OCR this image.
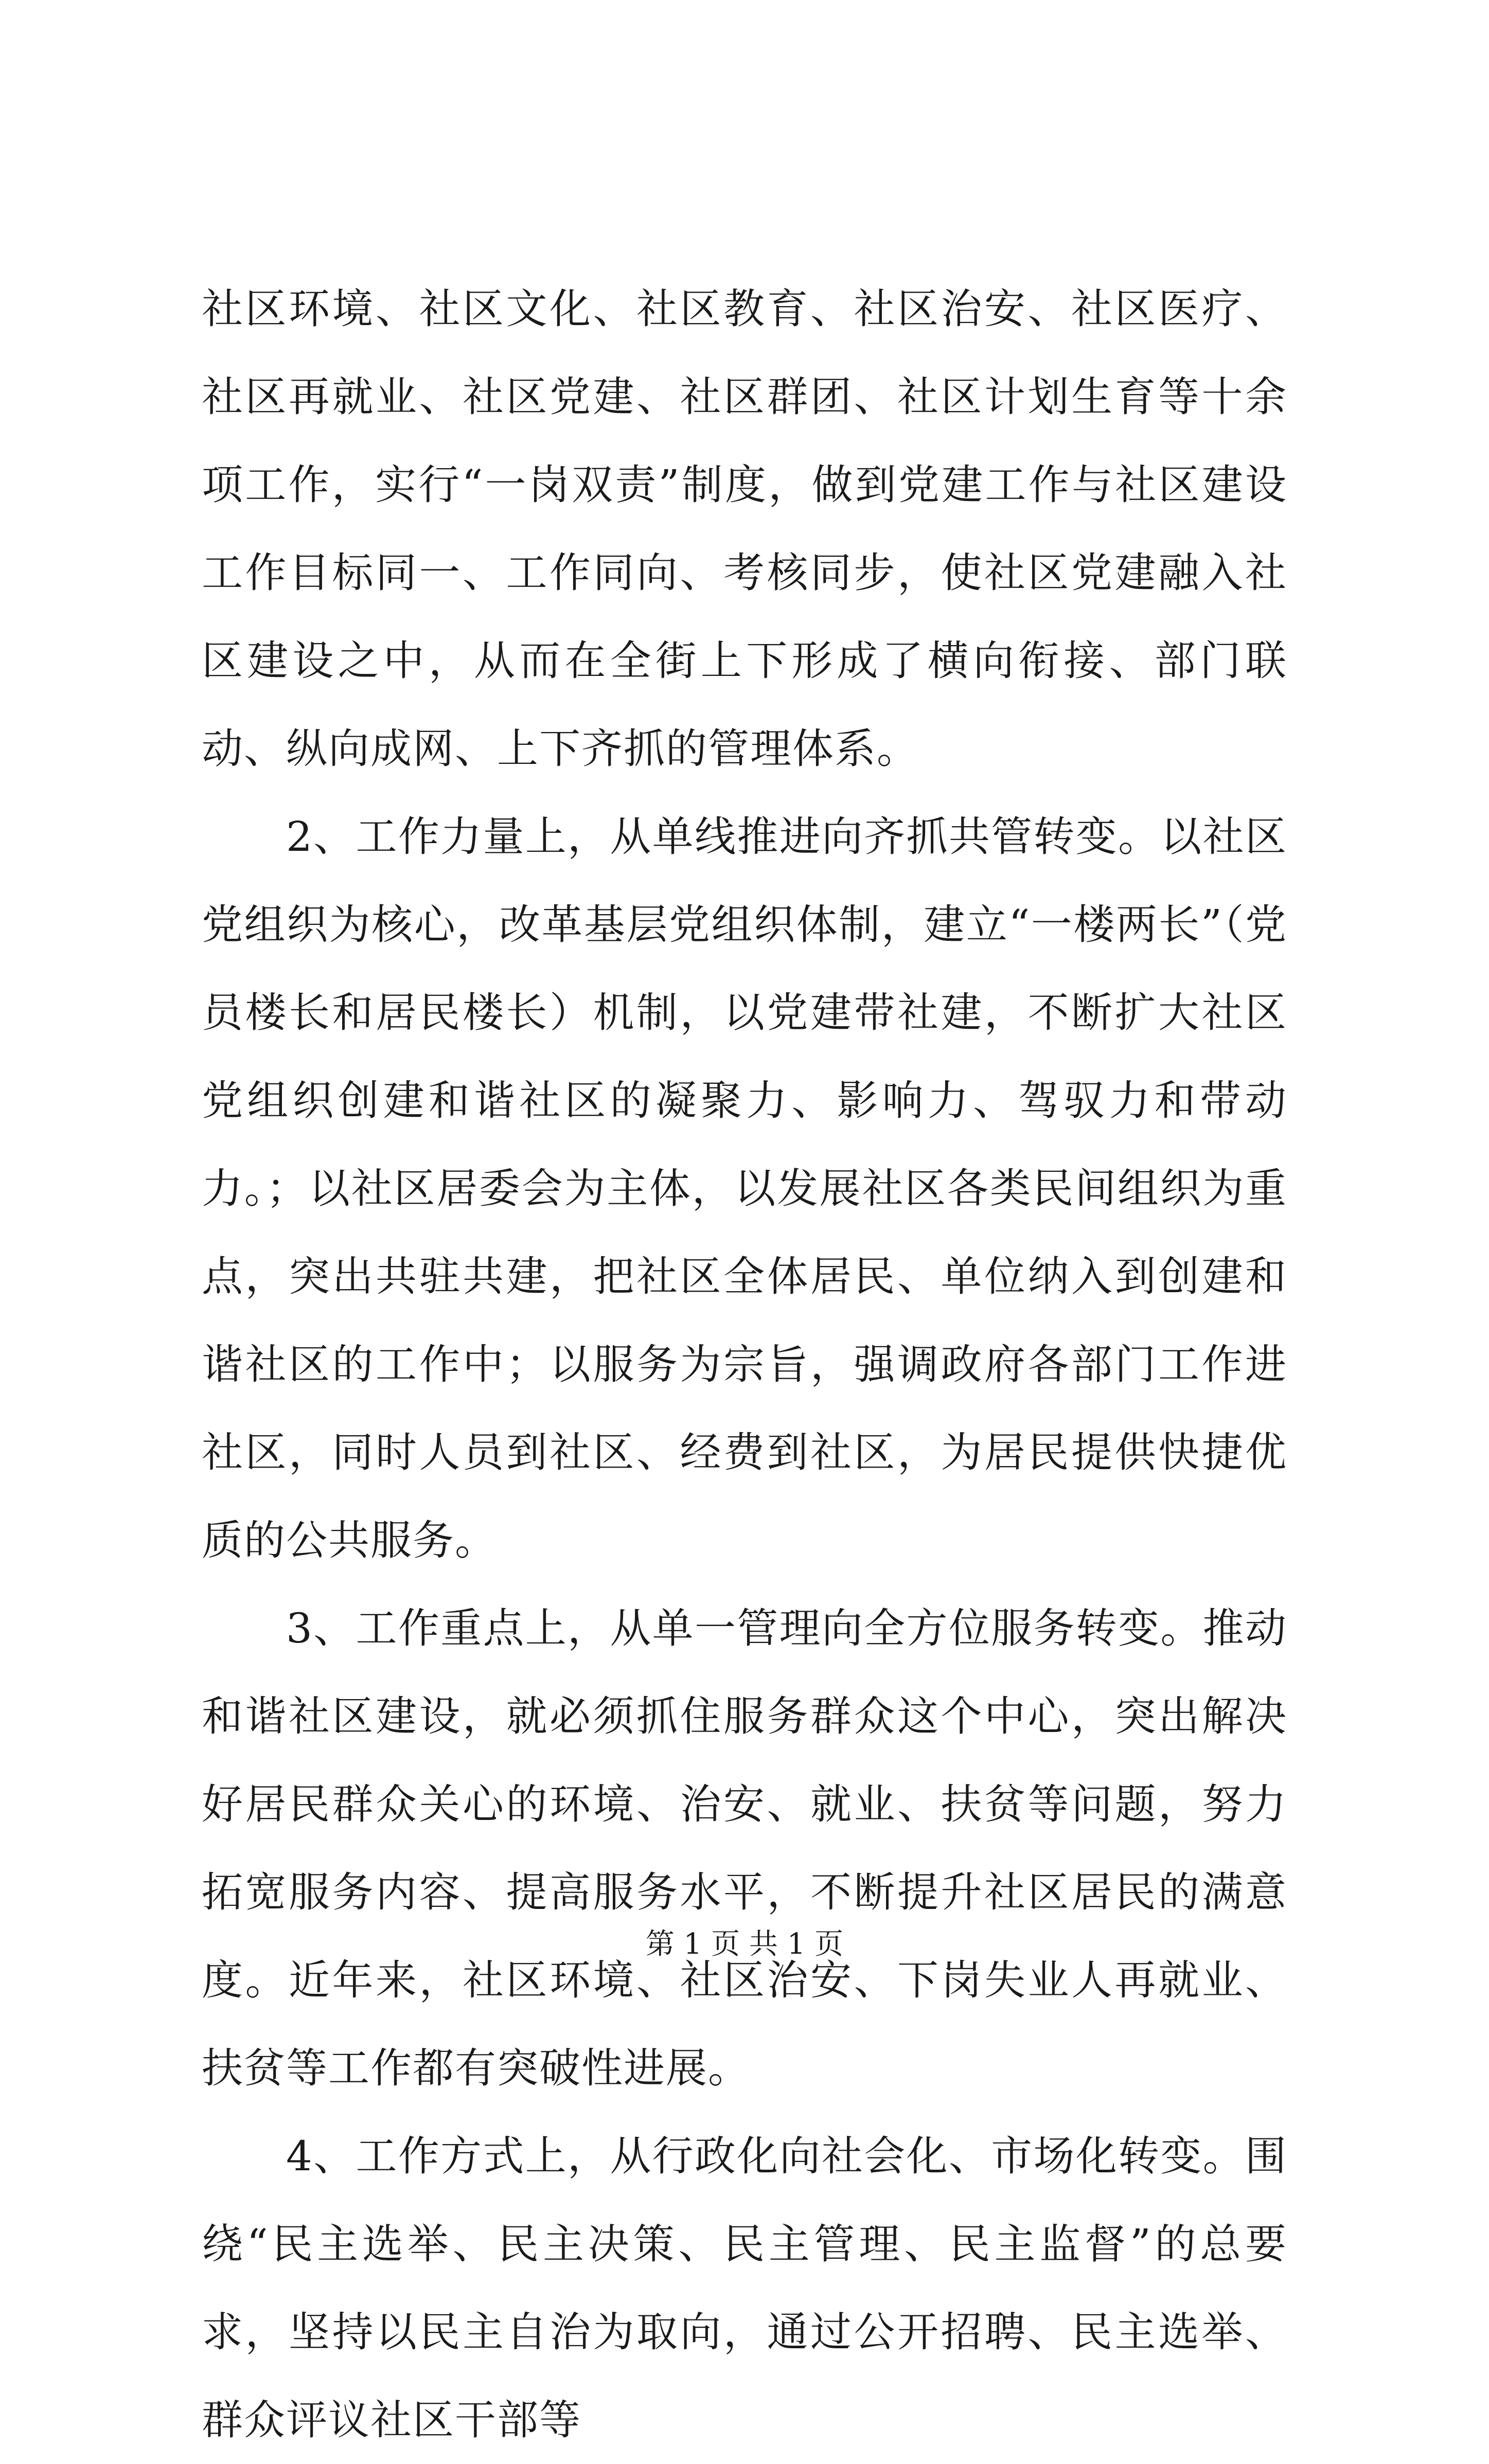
社区环境、社区文化、社区教育、社区治安、社区医疗、社区再就业、社区党建、社区群团、社区计划生育等十余项工作，实行“一岗双责”制度，做到党建工作与社区建设工作目标同一、工作同向、考核同步，使社区党建融入社区建设之中，从而在全街上下形成了横向衔接、部门联动、纵向成网、上下齐抓的管理体系。

2、工作力量上，从单线推进向齐抓共管转变。以社区党组织为核心，改革基层党组织体制，建立“一楼两长”（党员楼长和居民楼长）机制，以党建带社建，不断扩大社区党组织创建和谐社区的凝聚力、影响力、驾驭力和带动力。；以社区居委会为主体，以发展社区各类民间组织为重点，突出共驻共建，把社区全体居民、单位纳入到创建和谐社区的工作中；以服务为宗旨，强调政府各部门工作进社区，同时人员到社区、经费到社区，为居民提供快捷优质的公共服务。

3、工作重点上，从单一管理向全方位服务转变。推动和谐社区建设，就必须抓住服务群众这个中心，突出解决好居民群众关心的环境、治安、就业、扶贫等问题，努力拓宽服务内容、提高服务水平，不断提升社区居民的满意度。近年来，社区环境、社区治安、下岗失业人再就业、扶贫等工作都有突破性进展。

4、工作方式上，从行政化向社会化、市场化转变。围绕“民主选举、民主决策、民主管理、民主监督”的总要求，坚持以民主自治为取向，通过公开招聘、民主选举、群众评议社区干部等

第 1 页 共 1 页
